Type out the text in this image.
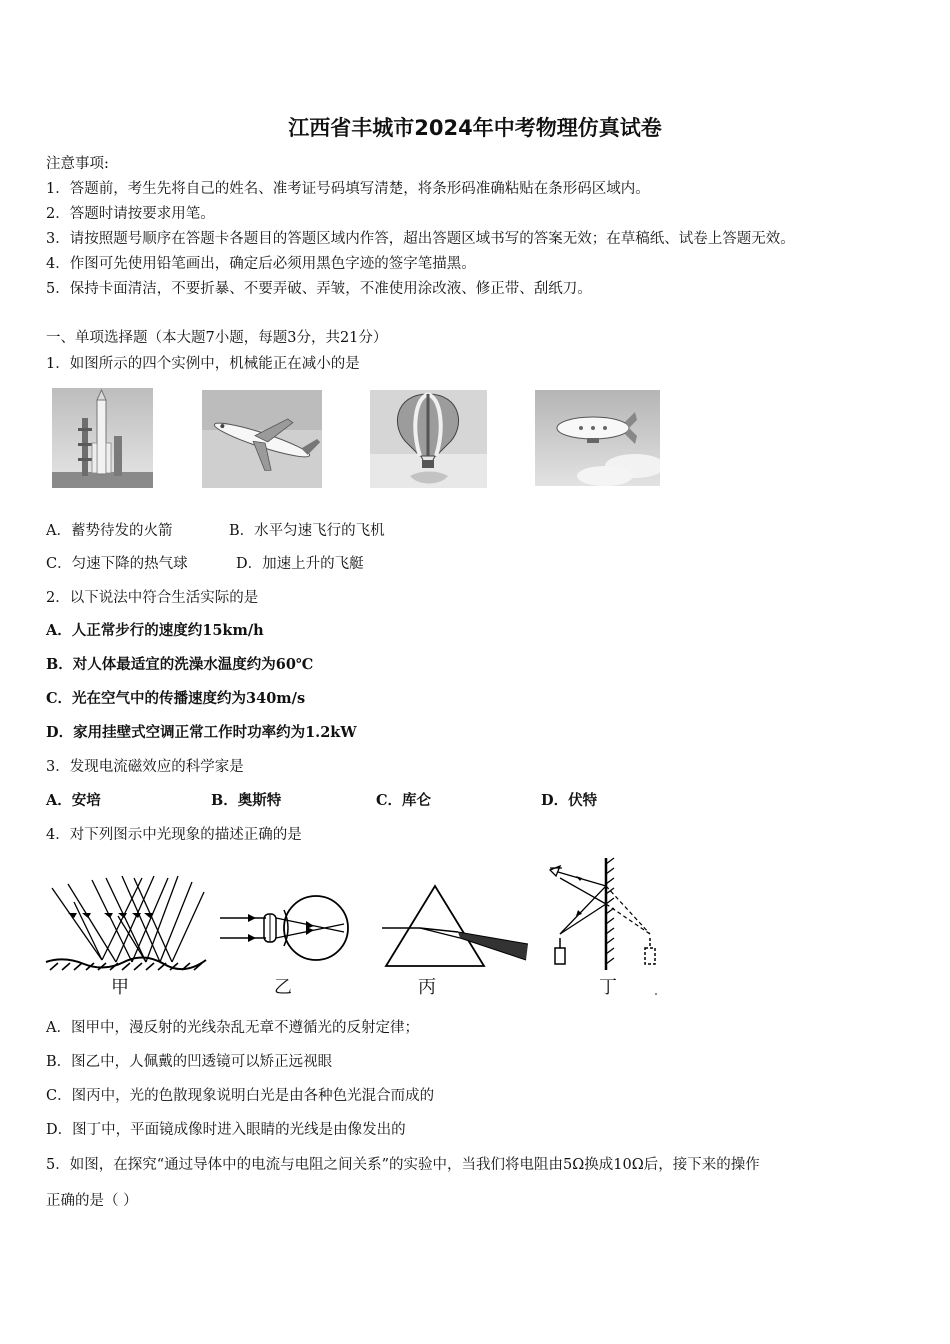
江西省丰城市2024年中考物理仿真试卷
注意事项:
1．答题前，考生先将自己的姓名、准考证号码填写清楚，将条形码准确粘贴在条形码区域内。
2．答题时请按要求用笔。
3．请按照题号顺序在答题卡各题目的答题区域内作答，超出答题区域书写的答案无效；在草稿纸、试卷上答题无效。
4．作图可先使用铅笔画出，确定后必须用黑色字迹的签字笔描黑。
5．保持卡面清洁，不要折暴、不要弄破、弄皱，不准使用涂改液、修正带、刮纸刀。
一、单项选择题（本大题7小题，每题3分，共21分）
1．如图所示的四个实例中，机械能正在减小的是
A．蓄势待发的火箭	B．水平匀速飞行的飞机
C．匀速下降的热气球	D．加速上升的飞艇
2．以下说法中符合生活实际的是
A．人正常步行的速度约15km/h
B．对人体最适宜的洗澡水温度约为60℃
C．光在空气中的传播速度约为340m/s
D．家用挂壁式空调正常工作时功率约为1.2kW
3．发现电流磁效应的科学家是
A．安培	B．奥斯特	C．库仑	D．伏特
4．对下列图示中光现象的描述正确的是
甲	乙	丙	丁
A．图甲中，漫反射的光线杂乱无章不遵循光的反射定律；
B．图乙中，人佩戴的凹透镜可以矫正远视眼
C．图丙中，光的色散现象说明白光是由各种色光混合而成的
D．图丁中，平面镜成像时进入眼睛的光线是由像发出的
5．如图，在探究“通过导体中的电流与电阻之间关系”的实验中，当我们将电阻由5Ω换成10Ω后，接下来的操作
正确的是（ ）
